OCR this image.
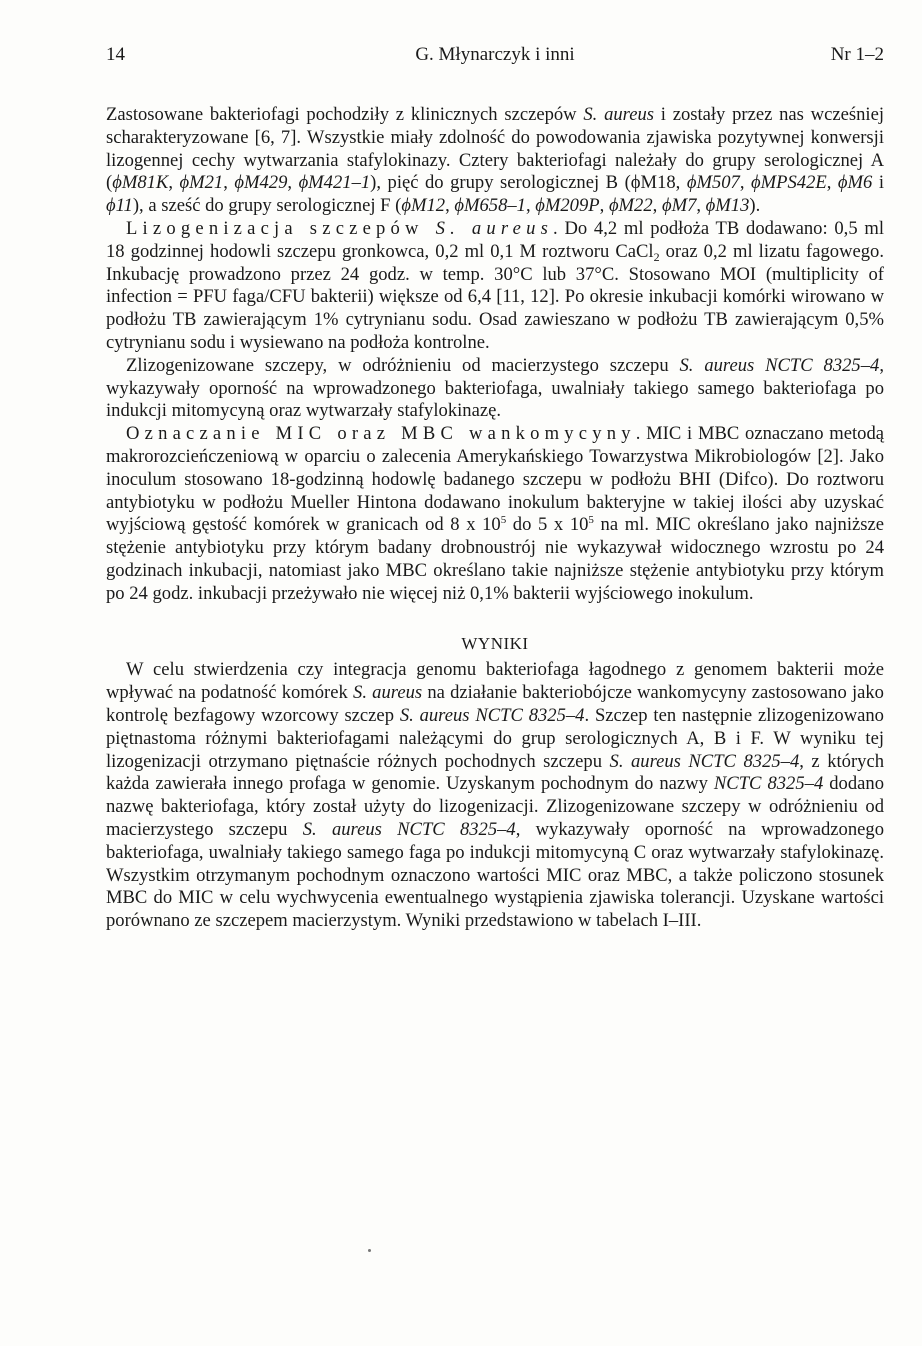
14	G. Młynarczyk i inni	Nr 1–2

Zastosowane bakteriofagi pochodziły z klinicznych szczepów S. aureus i zostały przez nas wcześniej scharakteryzowane [6, 7]. Wszystkie miały zdolność do powodowania zjawiska pozytywnej konwersji lizogennej cechy wytwarzania stafylokinazy. Cztery bakteriofagi należały do grupy serologicznej A (ϕM81K, ϕM21, ϕM429, ϕM421–1), pięć do grupy serologicznej B (ϕM18, ϕM507, ϕMPS42E, ϕM6 i ϕ11), a sześć do grupy serologicznej F (ϕM12, ϕM658–1, ϕM209P, ϕM22, ϕM7, ϕM13).

Lizogenizacja szczepów S. aureus. Do 4,2 ml podłoża TB dodawano: 0,5 ml 18 godzinnej hodowli szczepu gronkowca, 0,2 ml 0,1 M roztworu CaCl$_2$ oraz 0,2 ml lizatu fagowego. Inkubację prowadzono przez 24 godz. w temp. 30°C lub 37°C. Stosowano MOI (multiplicity of infection = PFU faga/CFU bakterii) większe od 6,4 [11, 12]. Po okresie inkubacji komórki wirowano w podłożu TB zawierającym 1% cytrynianu sodu. Osad zawieszano w podłożu TB zawierającym 0,5% cytrynianu sodu i wysiewano na podłoża kontrolne.

Zlizogenizowane szczepy, w odróżnieniu od macierzystego szczepu S. aureus NCTC 8325–4, wykazywały oporność na wprowadzonego bakteriofaga, uwalniały takiego samego bakteriofaga po indukcji mitomycyną oraz wytwarzały stafylokinazę.

Oznaczanie MIC oraz MBC wankomycyny. MIC i MBC oznaczano metodą makrorozcieńczeniową w oparciu o zalecenia Amerykańskiego Towarzystwa Mikrobiologów [2]. Jako inoculum stosowano 18-godzinną hodowlę badanego szczepu w podłożu BHI (Difco). Do roztworu antybiotyku w podłożu Mueller Hintona dodawano inokulum bakteryjne w takiej ilości aby uzyskać wyjściową gęstość komórek w granicach od 8 x $10^5$ do 5 x $10^5$ na ml. MIC określano jako najniższe stężenie antybiotyku przy którym badany drobnoustrój nie wykazywał widocznego wzrostu po 24 godzinach inkubacji, natomiast jako MBC określano takie najniższe stężenie antybiotyku przy którym po 24 godz. inkubacji przeżywało nie więcej niż 0,1% bakterii wyjściowego inokulum.

WYNIKI

W celu stwierdzenia czy integracja genomu bakteriofaga łagodnego z genomem bakterii może wpływać na podatność komórek S. aureus na działanie bakteriobójcze wankomycyny zastosowano jako kontrolę bezfagowy wzorcowy szczep S. aureus NCTC 8325–4. Szczep ten następnie zlizogenizowano piętnastoma różnymi bakteriofagami należącymi do grup serologicznych A, B i F. W wyniku tej lizogenizacji otrzymano piętnaście różnych pochodnych szczepu S. aureus NCTC 8325–4, z których każda zawierała innego profaga w genomie. Uzyskanym pochodnym do nazwy NCTC 8325–4 dodano nazwę bakteriofaga, który został użyty do lizogenizacji. Zlizogenizowane szczepy w odróżnieniu od macierzystego szczepu S. aureus NCTC 8325–4, wykazywały oporność na wprowadzonego bakteriofaga, uwalniały takiego samego faga po indukcji mitomycyną C oraz wytwarzały stafylokinazę. Wszystkim otrzymanym pochodnym oznaczono wartości MIC oraz MBC, a także policzono stosunek MBC do MIC w celu wychwycenia ewentualnego wystąpienia zjawiska tolerancji. Uzyskane wartości porównano ze szczepem macierzystym. Wyniki przedstawiono w tabelach I–III.
